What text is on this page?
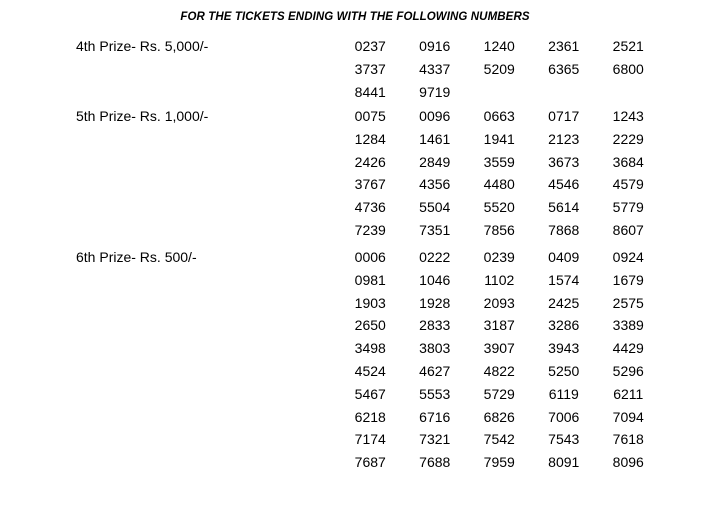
FOR THE TICKETS ENDING WITH THE FOLLOWING NUMBERS
4th Prize- Rs. 5,000/-	0237	0916	1240	2361	2521
3737	4337	5209	6365	6800
8441	9719
5th Prize- Rs. 1,000/-	0075	0096	0663	0717	1243
1284	1461	1941	2123	2229
2426	2849	3559	3673	3684
3767	4356	4480	4546	4579
4736	5504	5520	5614	5779
7239	7351	7856	7868	8607
6th Prize- Rs. 500/-	0006	0222	0239	0409	0924
0981	1046	1102	1574	1679
1903	1928	2093	2425	2575
2650	2833	3187	3286	3389
3498	3803	3907	3943	4429
4524	4627	4822	5250	5296
5467	5553	5729	6119	6211
6218	6716	6826	7006	7094
7174	7321	7542	7543	7618
7687	7688	7959	8091	8096
